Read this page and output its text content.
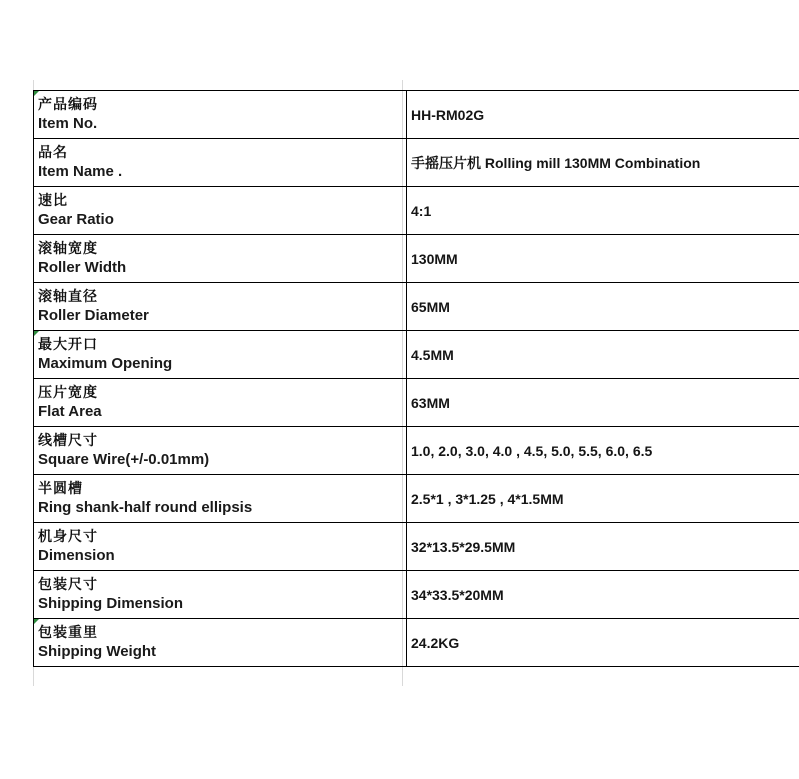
产品编码
Item No.	HH-RM02G

品名
Item Name .	手摇压片机 Rolling mill 130MM Combination

速比
Gear Ratio	4:1

滚轴宽度
Roller Width	130MM

滚轴直径
Roller Diameter	65MM

最大开口
Maximum Opening	4.5MM

压片宽度
Flat Area	63MM

线槽尺寸
Square Wire(+/-0.01mm)	1.0, 2.0, 3.0, 4.0 , 4.5, 5.0, 5.5, 6.0, 6.5

半圆槽
Ring shank-half round ellipsis	2.5*1 , 3*1.25 , 4*1.5MM

机身尺寸
Dimension	32*13.5*29.5MM

包装尺寸
Shipping Dimension	34*33.5*20MM

包装重里
Shipping Weight	24.2KG
